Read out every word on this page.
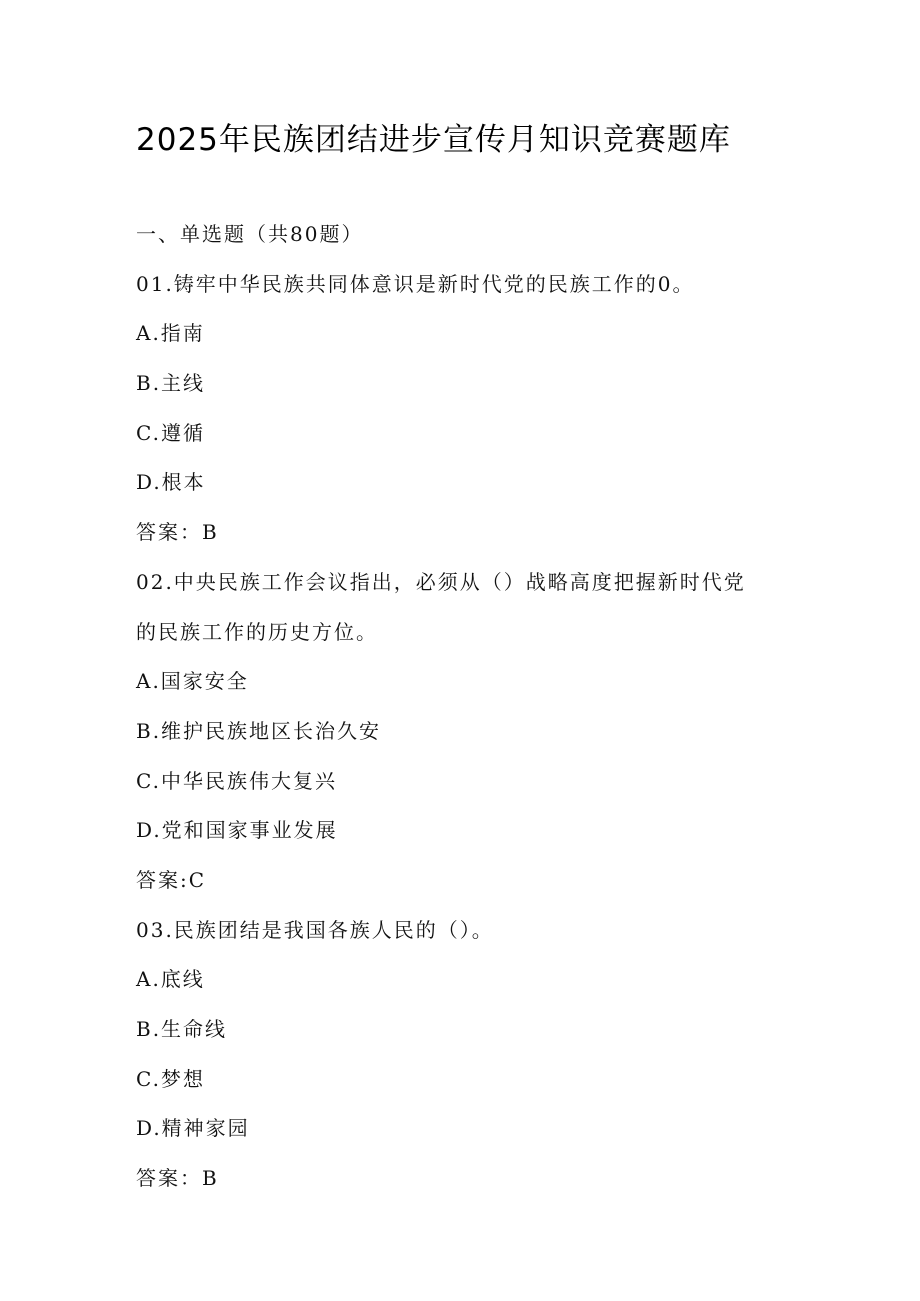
2025年民族团结进步宣传月知识竞赛题库
一、单选题（共80题）
01.铸牢中华民族共同体意识是新时代党的民族工作的0。
A.指南
B.主线
C.遵循
D.根本
答案：B
02.中央民族工作会议指出，必须从（）战略高度把握新时代党
的民族工作的历史方位。
A.国家安全
B.维护民族地区长治久安
C.中华民族伟大复兴
D.党和国家事业发展
答案:C
03.民族团结是我国各族人民的（）。
A.底线
B.生命线
C.梦想
D.精神家园
答案：B
